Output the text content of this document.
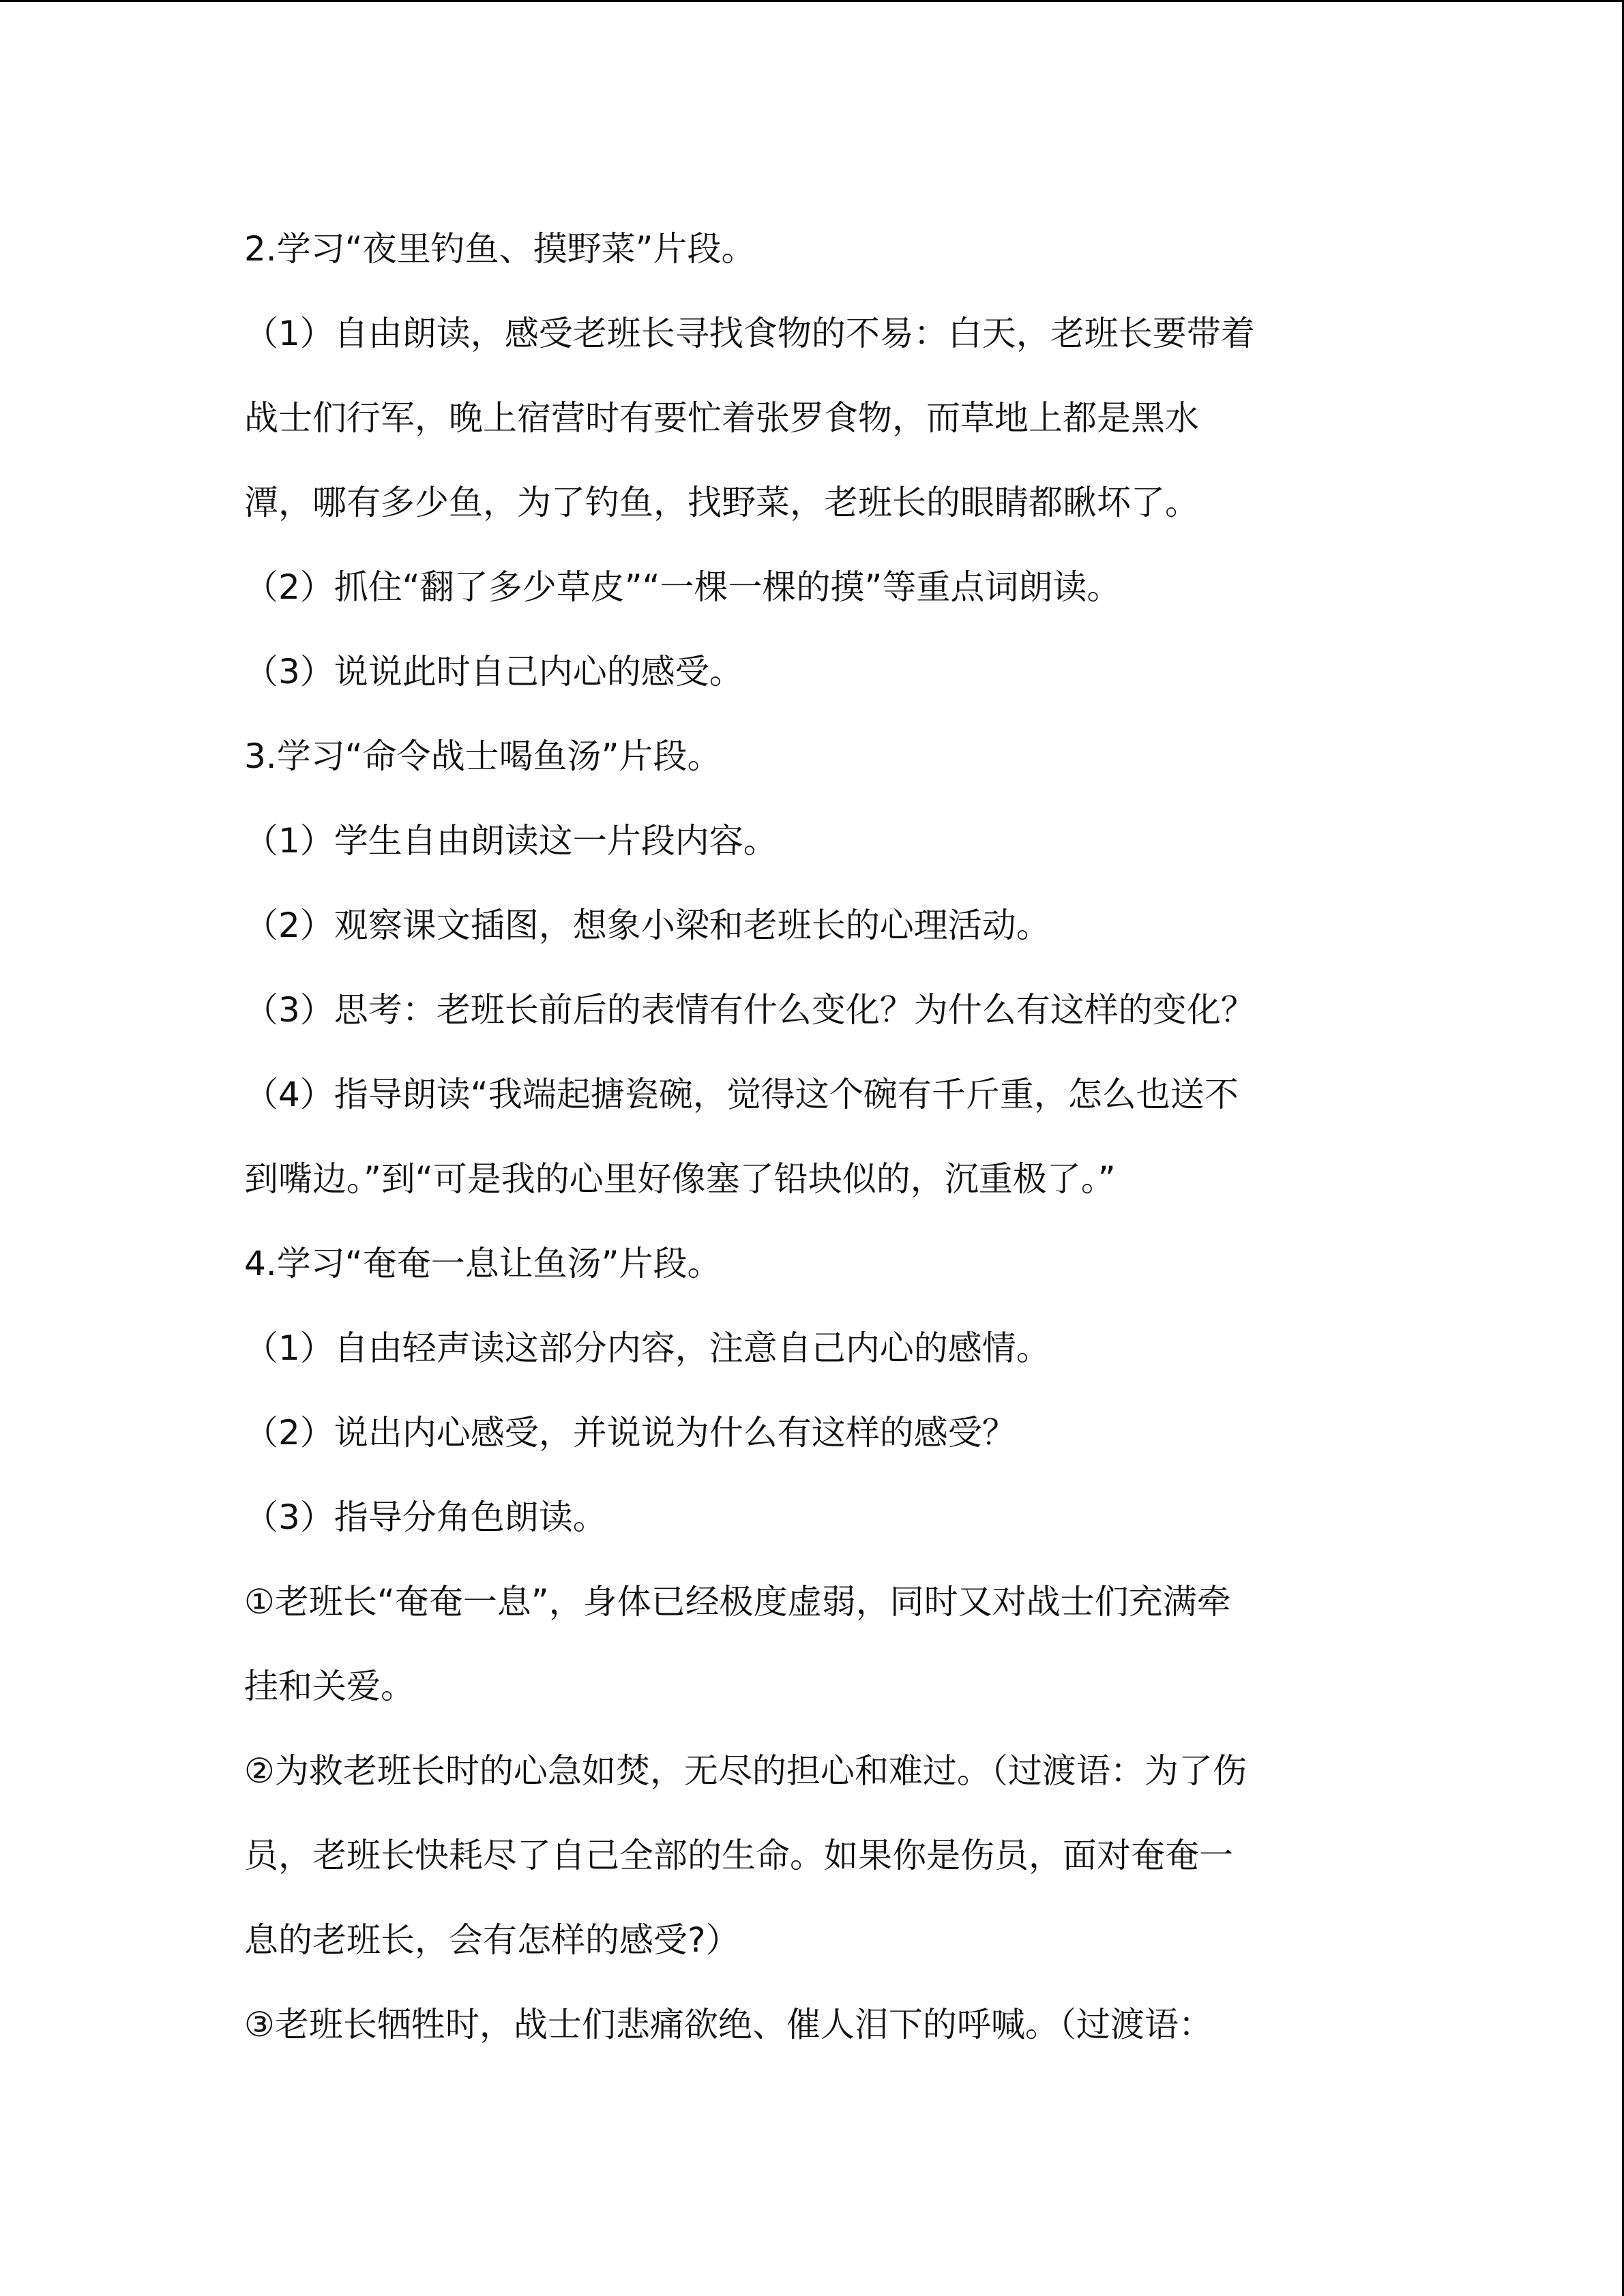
2.学习“夜里钓鱼、摸野菜”片段。
（1）自由朗读，感受老班长寻找食物的不易：白天，老班长要带着
战士们行军，晚上宿营时有要忙着张罗食物，而草地上都是黑水
潭，哪有多少鱼，为了钓鱼，找野菜，老班长的眼睛都瞅坏了。
（2）抓住“翻了多少草皮”“一棵一棵的摸”等重点词朗读。
（3）说说此时自己内心的感受。
3.学习“命令战士喝鱼汤”片段。
（1）学生自由朗读这一片段内容。
（2）观察课文插图，想象小梁和老班长的心理活动。
（3）思考：老班长前后的表情有什么变化？为什么有这样的变化？
（4）指导朗读“我端起搪瓷碗，觉得这个碗有千斤重，怎么也送不
到嘴边。”到“可是我的心里好像塞了铅块似的，沉重极了。”
4.学习“奄奄一息让鱼汤”片段。
（1）自由轻声读这部分内容，注意自己内心的感情。
（2）说出内心感受，并说说为什么有这样的感受？
（3）指导分角色朗读。
①老班长“奄奄一息”，身体已经极度虚弱，同时又对战士们充满牵
挂和关爱。
②为救老班长时的心急如焚，无尽的担心和难过。（过渡语：为了伤
员，老班长快耗尽了自己全部的生命。如果你是伤员，面对奄奄一
息的老班长，会有怎样的感受?）
③老班长牺牲时，战士们悲痛欲绝、催人泪下的呼喊。（过渡语：
